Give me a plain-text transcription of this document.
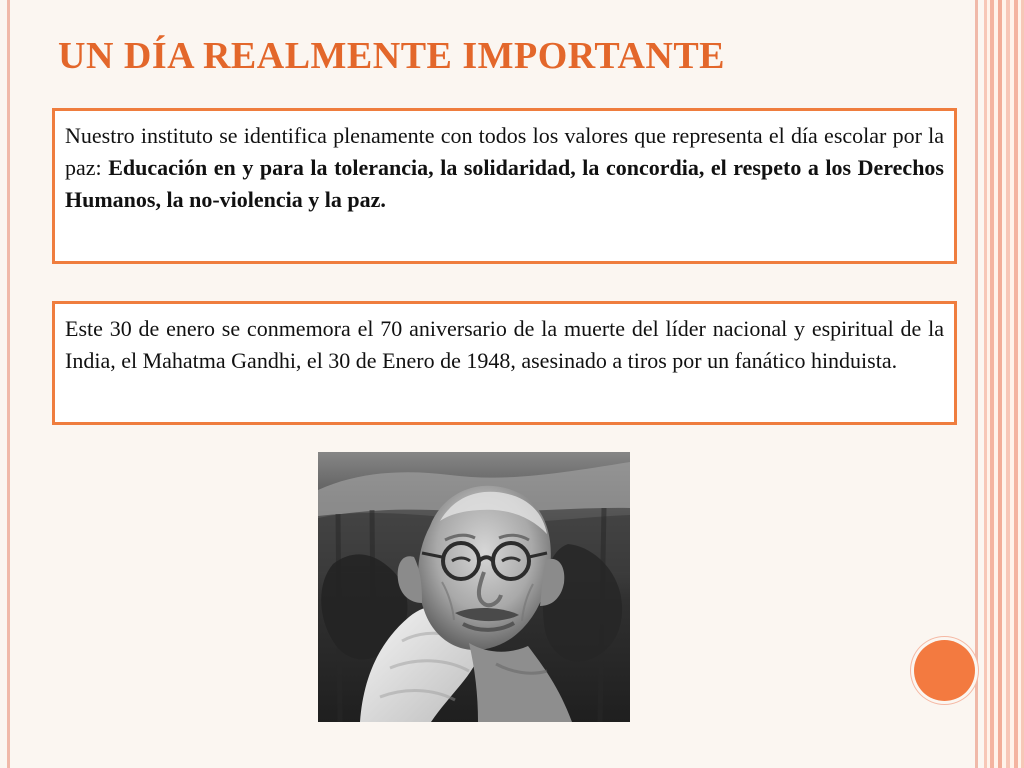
UN DÍA REALMENTE IMPORTANTE
Nuestro instituto se identifica plenamente con todos los valores que representa el día escolar por la paz: Educación en y para la tolerancia, la solidaridad, la concordia, el respeto a los Derechos Humanos, la no-violencia y la paz.
Este 30 de enero se conmemora el 70 aniversario de la muerte del líder nacional y espiritual de la India, el Mahatma Gandhi, el 30 de Enero de 1948, asesinado a tiros por un fanático hinduista.
